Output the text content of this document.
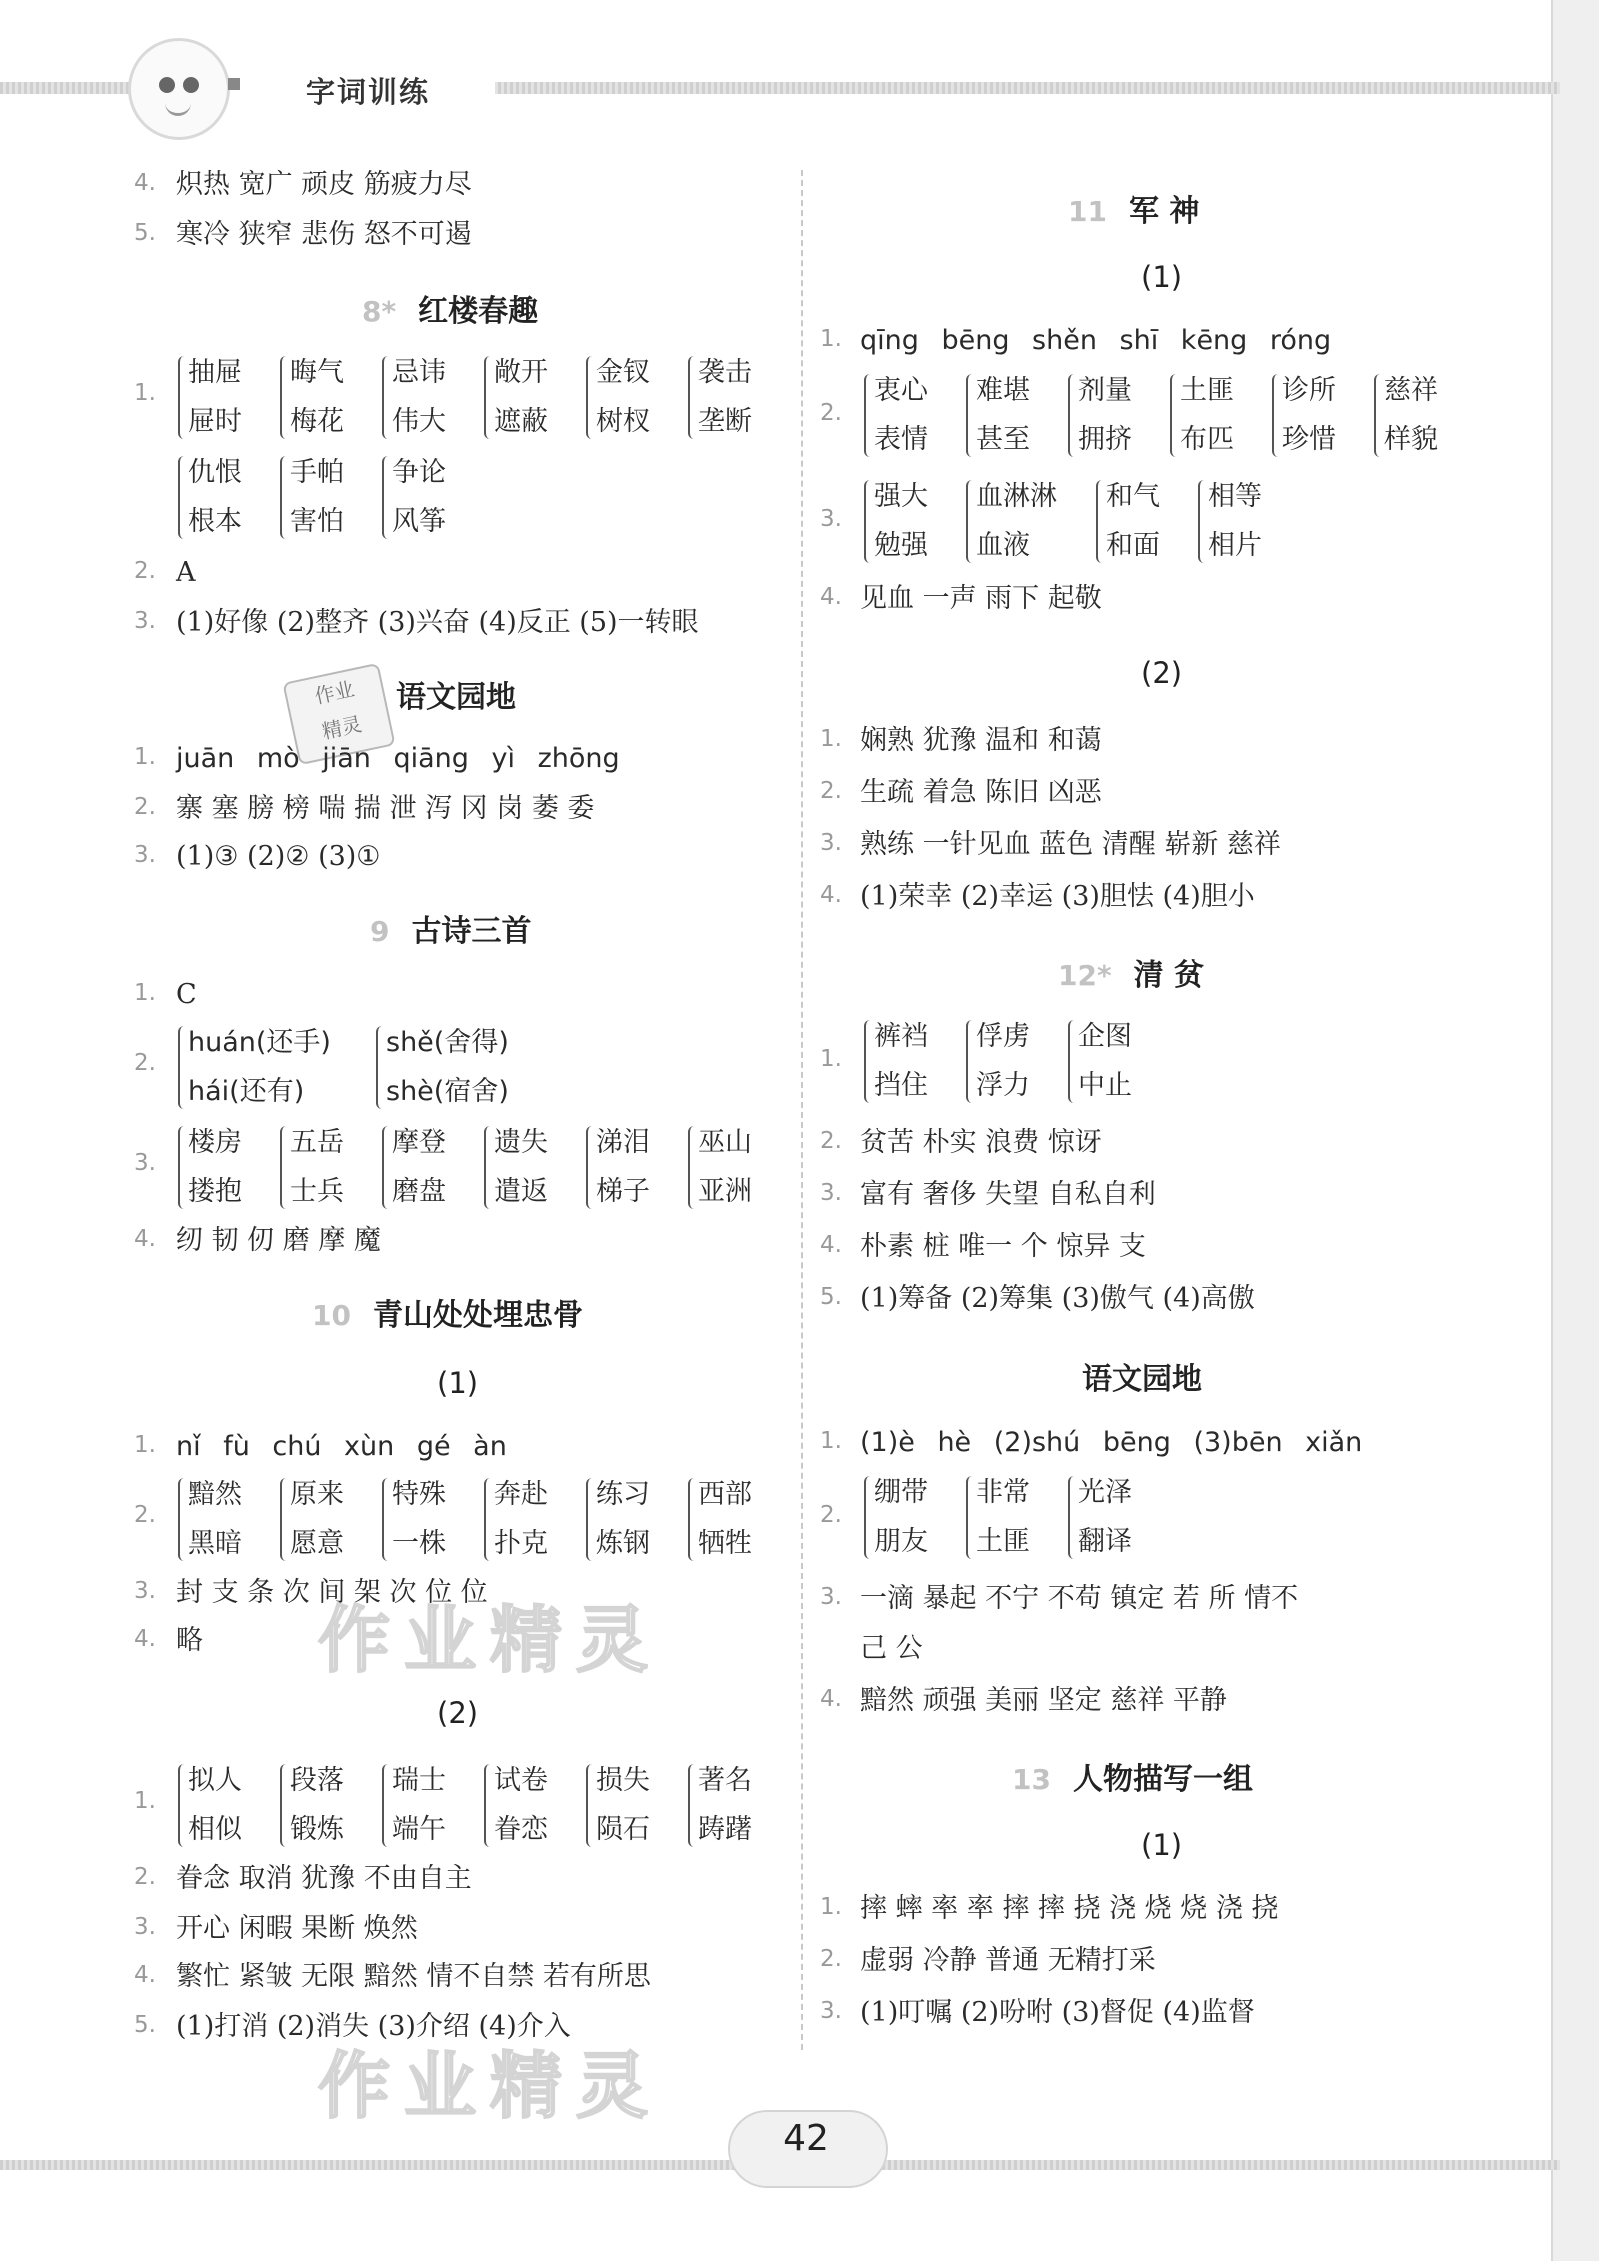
字词训练
4. 炽热 宽广 顽皮 筋疲力尽
5. 寒冷 狭窄 悲伤 怒不可遏
8* 红楼春趣
1.
抽屉
屉时
晦气
梅花
忌讳
伟大
敞开
遮蔽
金钗
树杈
袭击
垄断
仇恨
根本
手帕
害怕
争论
风筝
2. A
3. (1)好像 (2)整齐 (3)兴奋 (4)反正 (5)一转眼
作业
精灵
语文园地
1. juān mò jiān qiāng yì zhōng
2. 寨 塞 膀 榜 喘 揣 泄 泻 冈 岗 萎 委
3. (1)③ (2)② (3)①
9 古诗三首
1. C
2.
huán(还手)
hái(还有)
shě(舍得)
shè(宿舍)
3.
楼房
搂抱
五岳
士兵
摩登
磨盘
遗失
遣返
涕泪
梯子
巫山
亚洲
4. 纫 韧 仞 磨 摩 魔
10 青山处处埋忠骨
(1)
1. nǐ fù chú xùn gé àn
2.
黯然
黑暗
原来
愿意
特殊
一株
奔赴
扑克
练习
炼钢
西部
牺牲
3. 封 支 条 次 间 架 次 位 位
4. 略 作业精灵
(2)
1.
拟人
相似
段落
锻炼
瑞士
端午
试卷
眷恋
损失
陨石
著名
踌躇
2. 眷念 取消 犹豫 不由自主
3. 开心 闲暇 果断 焕然
4. 繁忙 紧皱 无限 黯然 情不自禁 若有所思
5. (1)打消 (2)消失 (3)介绍 (4)介入
作业精灵
11 军 神
(1)
1. qīng bēng shěn shī kēng róng
2.
衷心
表情
难堪
甚至
剂量
拥挤
土匪
布匹
诊所
珍惜
慈祥
样貌
3.
强大
勉强
血淋淋
血液
和气
和面
相等
相片
4. 见血 一声 雨下 起敬
(2)
1. 娴熟 犹豫 温和 和蔼
2. 生疏 着急 陈旧 凶恶
3. 熟练 一针见血 蓝色 清醒 崭新 慈祥
4. (1)荣幸 (2)幸运 (3)胆怯 (4)胆小
12* 清 贫
1.
裤裆
挡住
俘虏
浮力
企图
中止
2. 贫苦 朴实 浪费 惊讶
3. 富有 奢侈 失望 自私自利
4. 朴素 桩 唯一 个 惊异 支
5. (1)筹备 (2)筹集 (3)傲气 (4)高傲
语文园地
1. (1)è hè (2)shú bēng (3)bēn xiǎn
2.
绷带
朋友
非常
土匪
光泽
翻译
3. 一滴 暴起 不宁 不苟 镇定 若 所 情不
己 公
4. 黯然 顽强 美丽 坚定 慈祥 平静
13 人物描写一组
(1)
1. 摔 蟀 率 率 摔 摔 挠 浇 烧 烧 浇 挠
2. 虚弱 冷静 普通 无精打采
3. (1)叮嘱 (2)吩咐 (3)督促 (4)监督
42
